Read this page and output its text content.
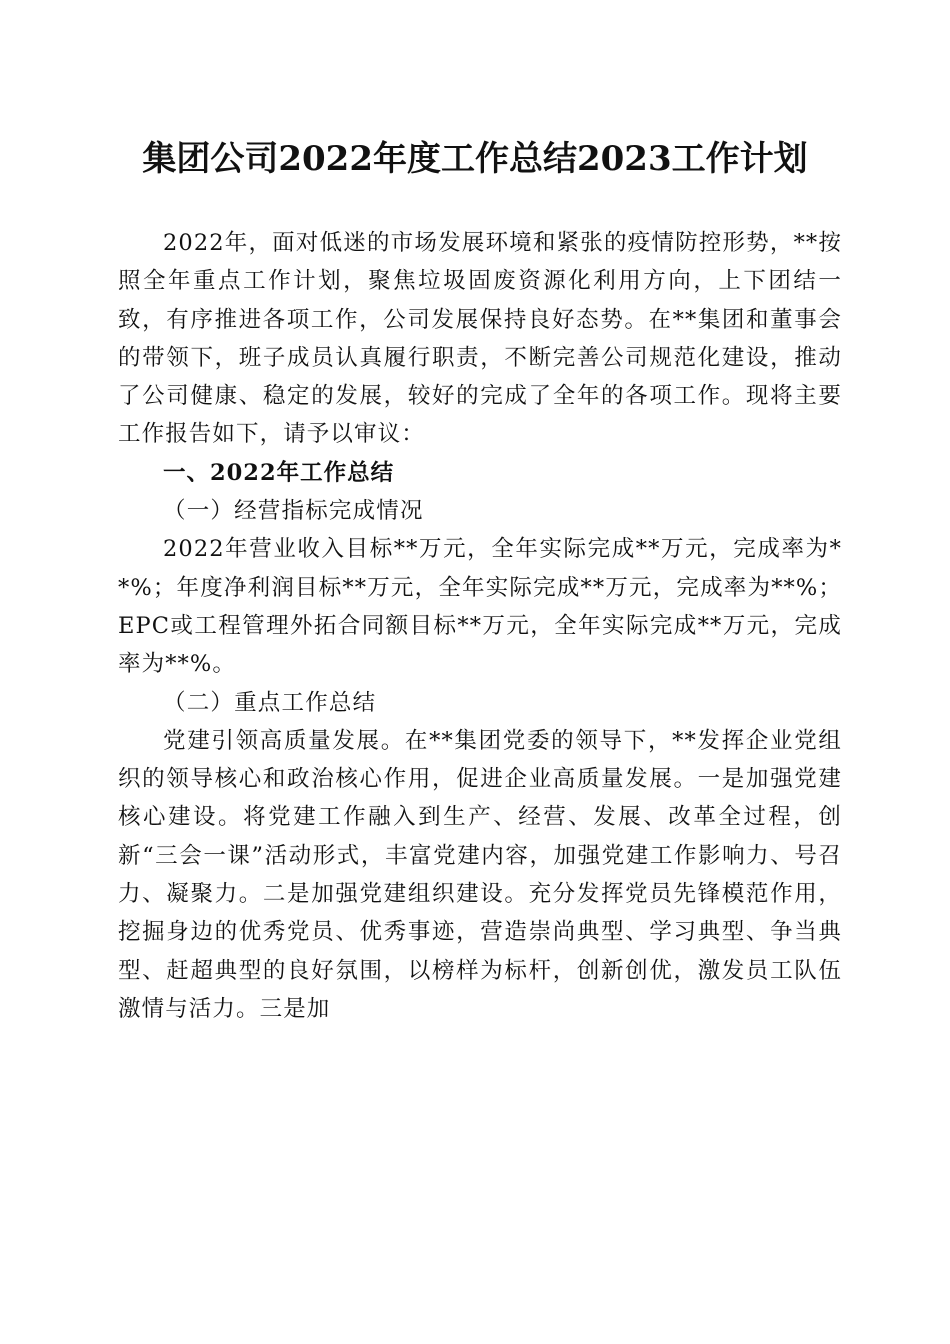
集团公司2022年度工作总结2023工作计划

2022年，面对低迷的市场发展环境和紧张的疫情防控形势，**按照全年重点工作计划，聚焦垃圾固废资源化利用方向，上下团结一致，有序推进各项工作，公司发展保持良好态势。在**集团和董事会的带领下，班子成员认真履行职责，不断完善公司规范化建设，推动了公司健康、稳定的发展，较好的完成了全年的各项工作。现将主要工作报告如下，请予以审议：

一、2022年工作总结

（一）经营指标完成情况

2022年营业收入目标**万元，全年实际完成**万元，完成率为**%；年度净利润目标**万元，全年实际完成**万元，完成率为**%；EPC或工程管理外拓合同额目标**万元，全年实际完成**万元，完成率为**%。

（二）重点工作总结

党建引领高质量发展。在**集团党委的领导下，**发挥企业党组织的领导核心和政治核心作用，促进企业高质量发展。一是加强党建核心建设。将党建工作融入到生产、经营、发展、改革全过程，创新“三会一课”活动形式，丰富党建内容，加强党建工作影响力、号召力、凝聚力。二是加强党建组织建设。充分发挥党员先锋模范作用，挖掘身边的优秀党员、优秀事迹，营造崇尚典型、学习典型、争当典型、赶超典型的良好氛围，以榜样为标杆，创新创优，激发员工队伍激情与活力。三是加
